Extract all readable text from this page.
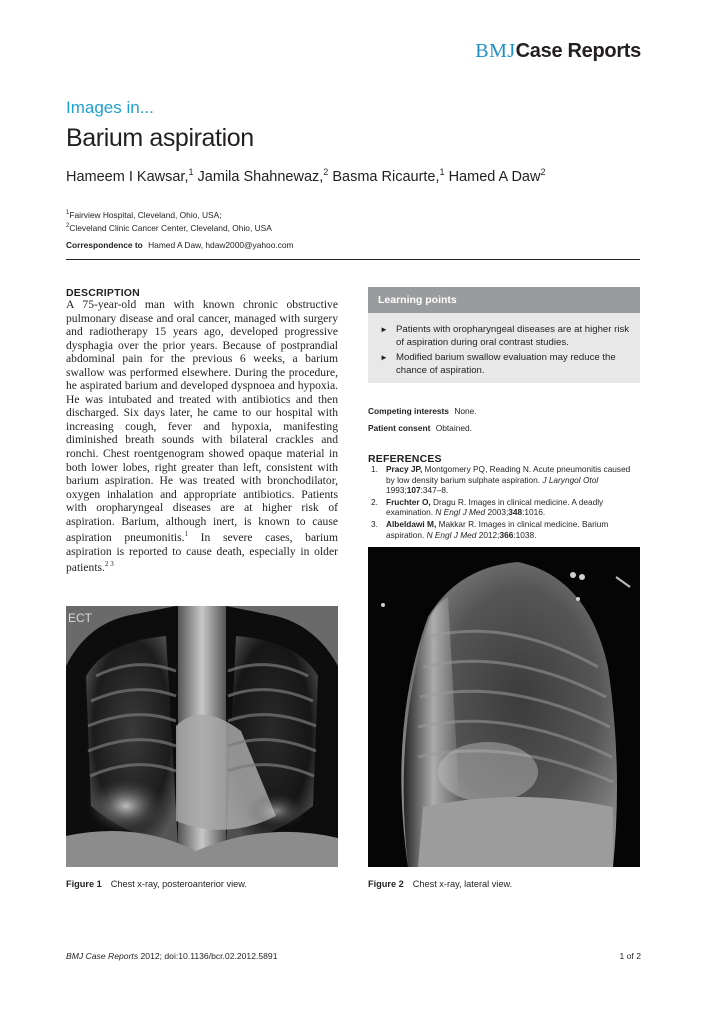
BMJCase Reports
Images in...
Barium aspiration
Hameem I Kawsar,$^1$ Jamila Shahnewaz,$^2$ Basma Ricaurte,$^1$ Hamed A Daw$^2$
$^1$Fairview Hospital, Cleveland, Ohio, USA;
$^2$Cleveland Clinic Cancer Center, Cleveland, Ohio, USA
Correspondence to Hamed A Daw, hdaw2000@yahoo.com
DESCRIPTION
A 75-year-old man with known chronic obstructive pulmonary disease and oral cancer, managed with surgery and radiotherapy 15 years ago, developed progressive dysphagia over the prior years. Because of postprandial abdominal pain for the previous 6 weeks, a barium swallow was performed elsewhere. During the procedure, he aspirated barium and developed dyspnoea and hypoxia. He was intubated and treated with antibiotics and then discharged. Six days later, he came to our hospital with increasing cough, fever and hypoxia, manifesting diminished breath sounds with bilateral crackles and ronchi. Chest roentgenogram showed opaque material in both lower lobes, right greater than left, consistent with barium aspiration. He was treated with bronchodilator, oxygen inhalation and appropriate antibiotics. Patients with oropharyngeal diseases are at higher risk of aspiration. Barium, although inert, is known to cause aspiration pneumonitis.$^1$ In severe cases, barium aspiration is reported to cause death, especially in older patients.$^{2 3}$
Learning points
► Patients with oropharyngeal diseases are at higher risk of aspiration during oral contrast studies.
► Modified barium swallow evaluation may reduce the chance of aspiration.
Competing interests None.
Patient consent Obtained.
REFERENCES
1. Pracy JP, Montgomery PQ, Reading N. Acute pneumonitis caused by low density barium sulphate aspiration. J Laryngol Otol 1993;107:347–8.
2. Fruchter O, Dragu R. Images in clinical medicine. A deadly examination. N Engl J Med 2003;348:1016.
3. Albeldawi M, Makkar R. Images in clinical medicine. Barium aspiration. N Engl J Med 2012;366:1038.
ECT
Figure 1 Chest x-ray, posteroanterior view.	Figure 2 Chest x-ray, lateral view.
BMJ Case Reports 2012; doi:10.1136/bcr.02.2012.5891	1 of 2
